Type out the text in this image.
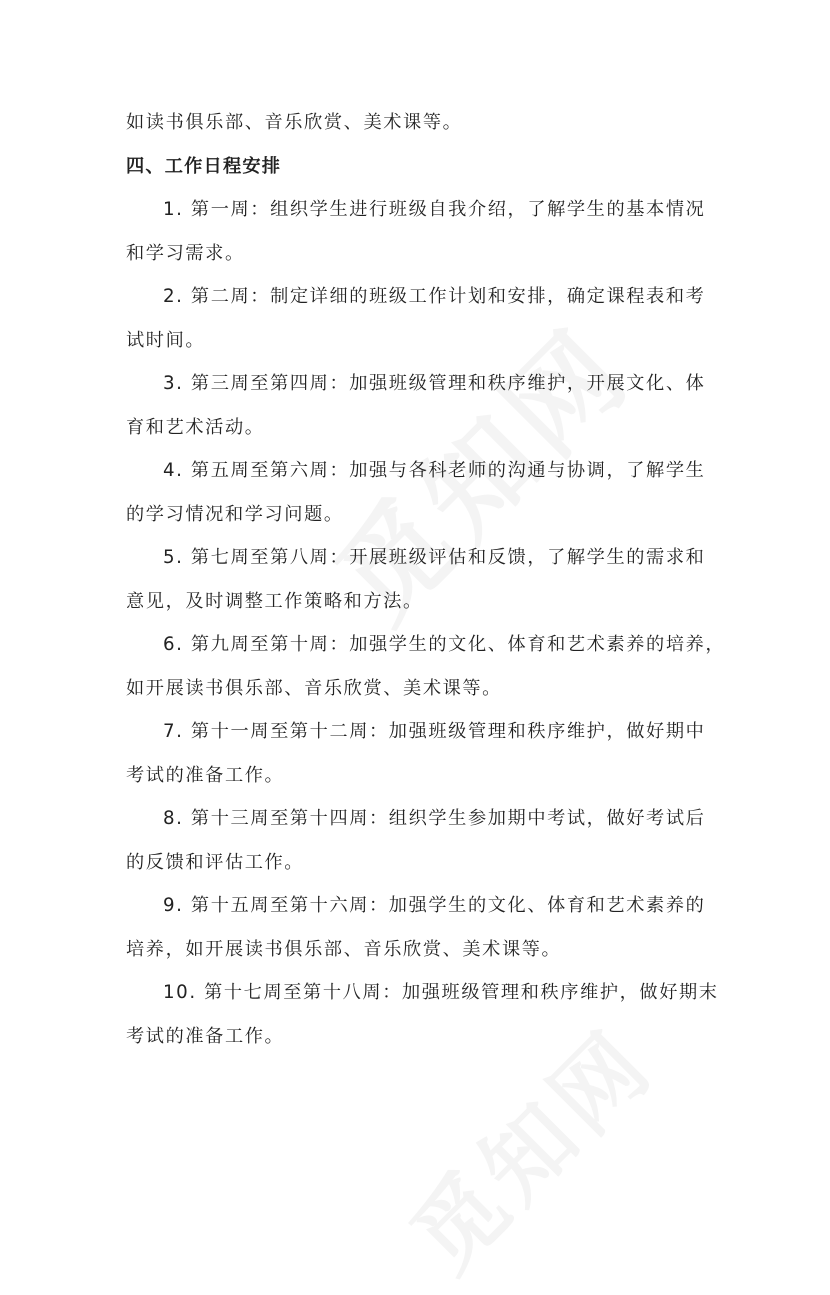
如读书俱乐部、音乐欣赏、美术课等。
四、工作日程安排
1. 第一周：组织学生进行班级自我介绍，了解学生的基本情况
和学习需求。
2. 第二周：制定详细的班级工作计划和安排，确定课程表和考
试时间。
3. 第三周至第四周：加强班级管理和秩序维护，开展文化、体
育和艺术活动。
4. 第五周至第六周：加强与各科老师的沟通与协调，了解学生
的学习情况和学习问题。
5. 第七周至第八周：开展班级评估和反馈，了解学生的需求和
意见，及时调整工作策略和方法。
6. 第九周至第十周：加强学生的文化、体育和艺术素养的培养，
如开展读书俱乐部、音乐欣赏、美术课等。
7. 第十一周至第十二周：加强班级管理和秩序维护，做好期中
考试的准备工作。
8. 第十三周至第十四周：组织学生参加期中考试，做好考试后
的反馈和评估工作。
9. 第十五周至第十六周：加强学生的文化、体育和艺术素养的
培养，如开展读书俱乐部、音乐欣赏、美术课等。
10. 第十七周至第十八周：加强班级管理和秩序维护，做好期末
考试的准备工作。
